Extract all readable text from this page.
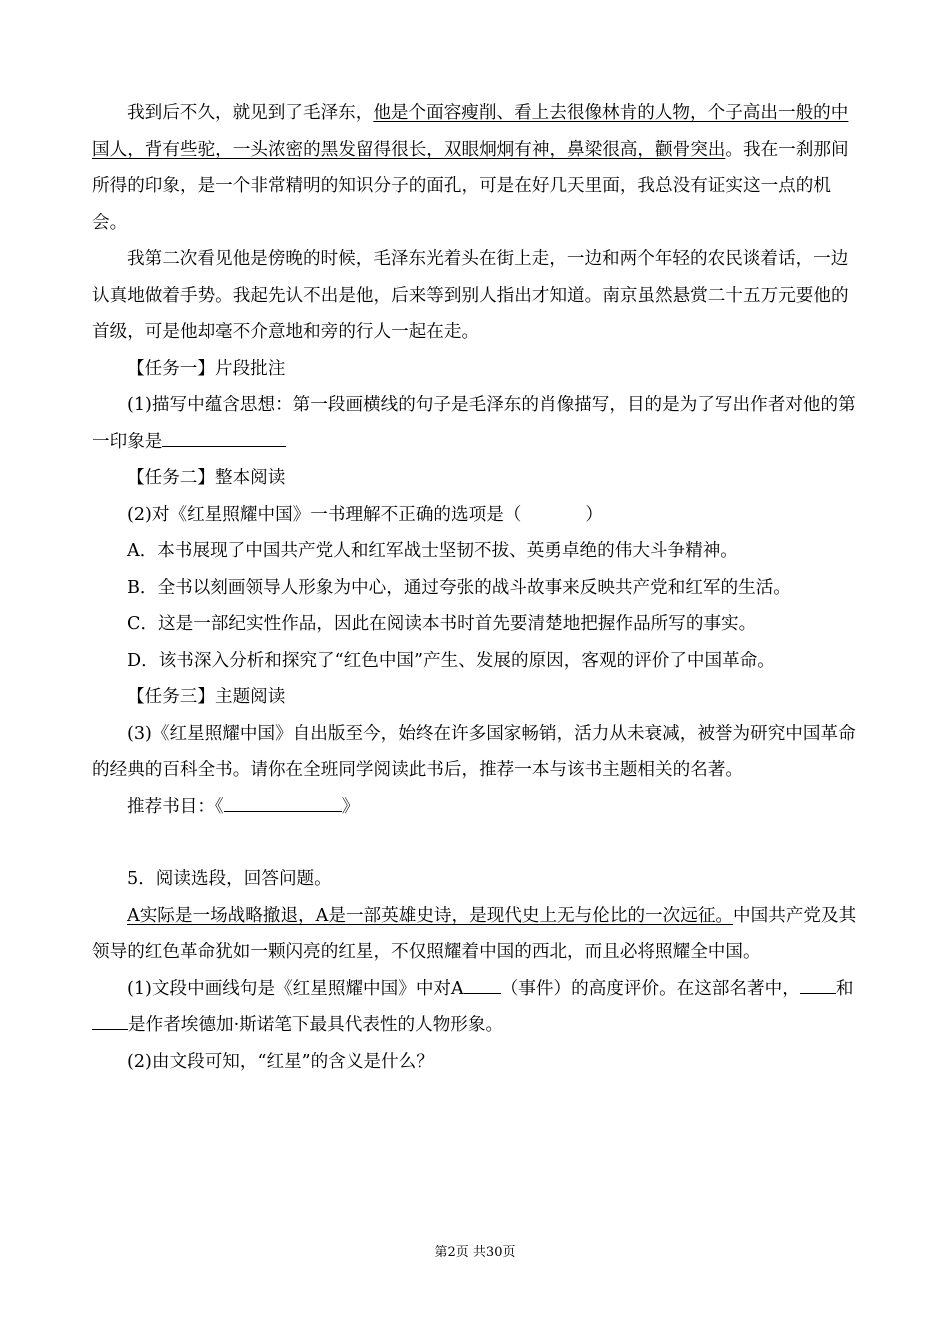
我到后不久，就见到了毛泽东，他是个面容瘦削、看上去很像林肯的人物，个子高出一般的中国人，背有些驼，一头浓密的黑发留得很长，双眼炯炯有神，鼻梁很高，颧骨突出。我在一刹那间所得的印象，是一个非常精明的知识分子的面孔，可是在好几天里面，我总没有证实这一点的机会。

我第二次看见他是傍晚的时候，毛泽东光着头在街上走，一边和两个年轻的农民谈着话，一边认真地做着手势。我起先认不出是他，后来等到别人指出才知道。南京虽然悬赏二十五万元要他的首级，可是他却毫不介意地和旁的行人一起在走。

【任务一】片段批注

(1)描写中蕴含思想：第一段画横线的句子是毛泽东的肖像描写，目的是为了写出作者对他的第一印象是

【任务二】整本阅读

(2)对《红星照耀中国》一书理解不正确的选项是（	）

A．本书展现了中国共产党人和红军战士坚韧不拔、英勇卓绝的伟大斗争精神。

B．全书以刻画领导人形象为中心，通过夸张的战斗故事来反映共产党和红军的生活。

C．这是一部纪实性作品，因此在阅读本书时首先要清楚地把握作品所写的事实。

D．该书深入分析和探究了“红色中国”产生、发展的原因，客观的评价了中国革命。

【任务三】主题阅读

(3)《红星照耀中国》自出版至今，始终在许多国家畅销，活力从未衰减，被誉为研究中国革命的经典的百科全书。请你在全班同学阅读此书后，推荐一本与该书主题相关的名著。

推荐书目：《	》

5．阅读选段，回答问题。

A实际是一场战略撤退，A是一部英雄史诗，是现代史上无与伦比的一次远征。中国共产党及其领导的红色革命犹如一颗闪亮的红星，不仅照耀着中国的西北，而且必将照耀全中国。

(1)文段中画线句是《红星照耀中国》中对A （事件）的高度评价。在这部名著中， 和是作者埃德加·斯诺笔下最具代表性的人物形象。

(2)由文段可知，“红星”的含义是什么？

第2页 共30页
